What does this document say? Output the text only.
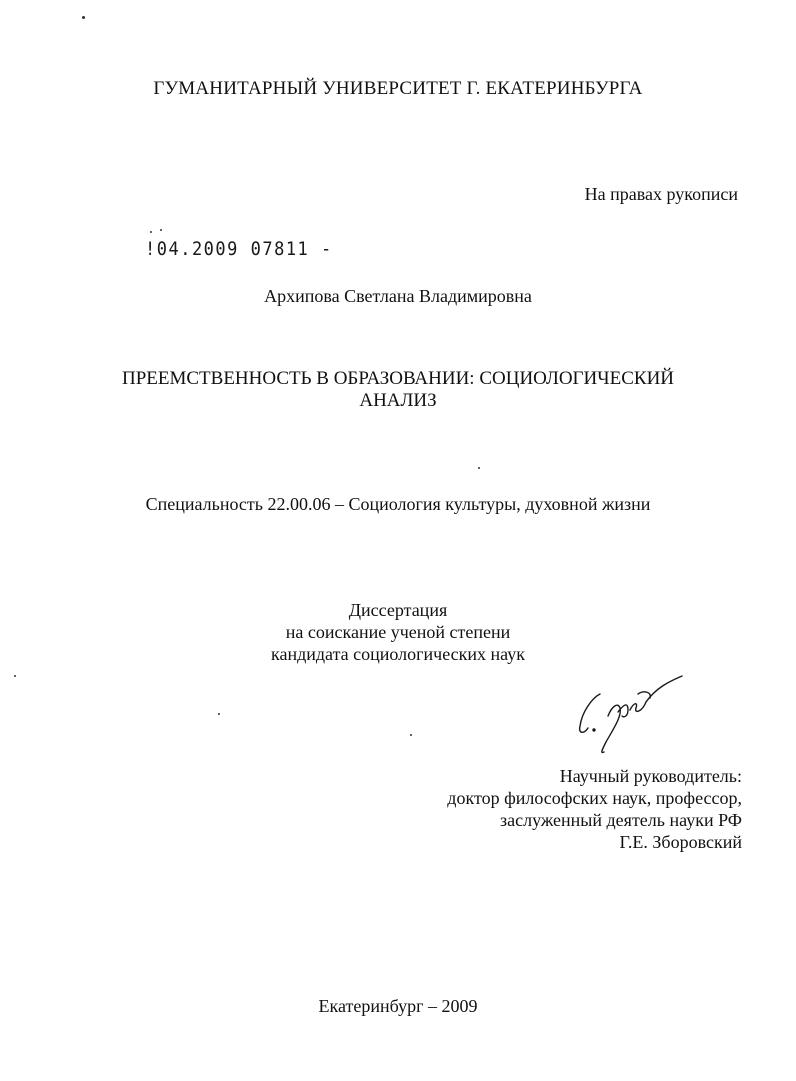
ГУМАНИТАРНЫЙ УНИВЕРСИТЕТ Г. ЕКАТЕРИНБУРГА
На правах рукописи
!04.2009 07811 -
Архипова Светлана Владимировна
ПРЕЕМСТВЕННОСТЬ В ОБРАЗОВАНИИ: СОЦИОЛОГИЧЕСКИЙ
АНАЛИЗ
Специальность 22.00.06 – Социология культуры, духовной жизни
Диссертация
на соискание ученой степени
кандидата социологических наук
Научный руководитель:
доктор философских наук, профессор,
заслуженный деятель науки РФ
Г.Е. Зборовский
Екатеринбург – 2009
